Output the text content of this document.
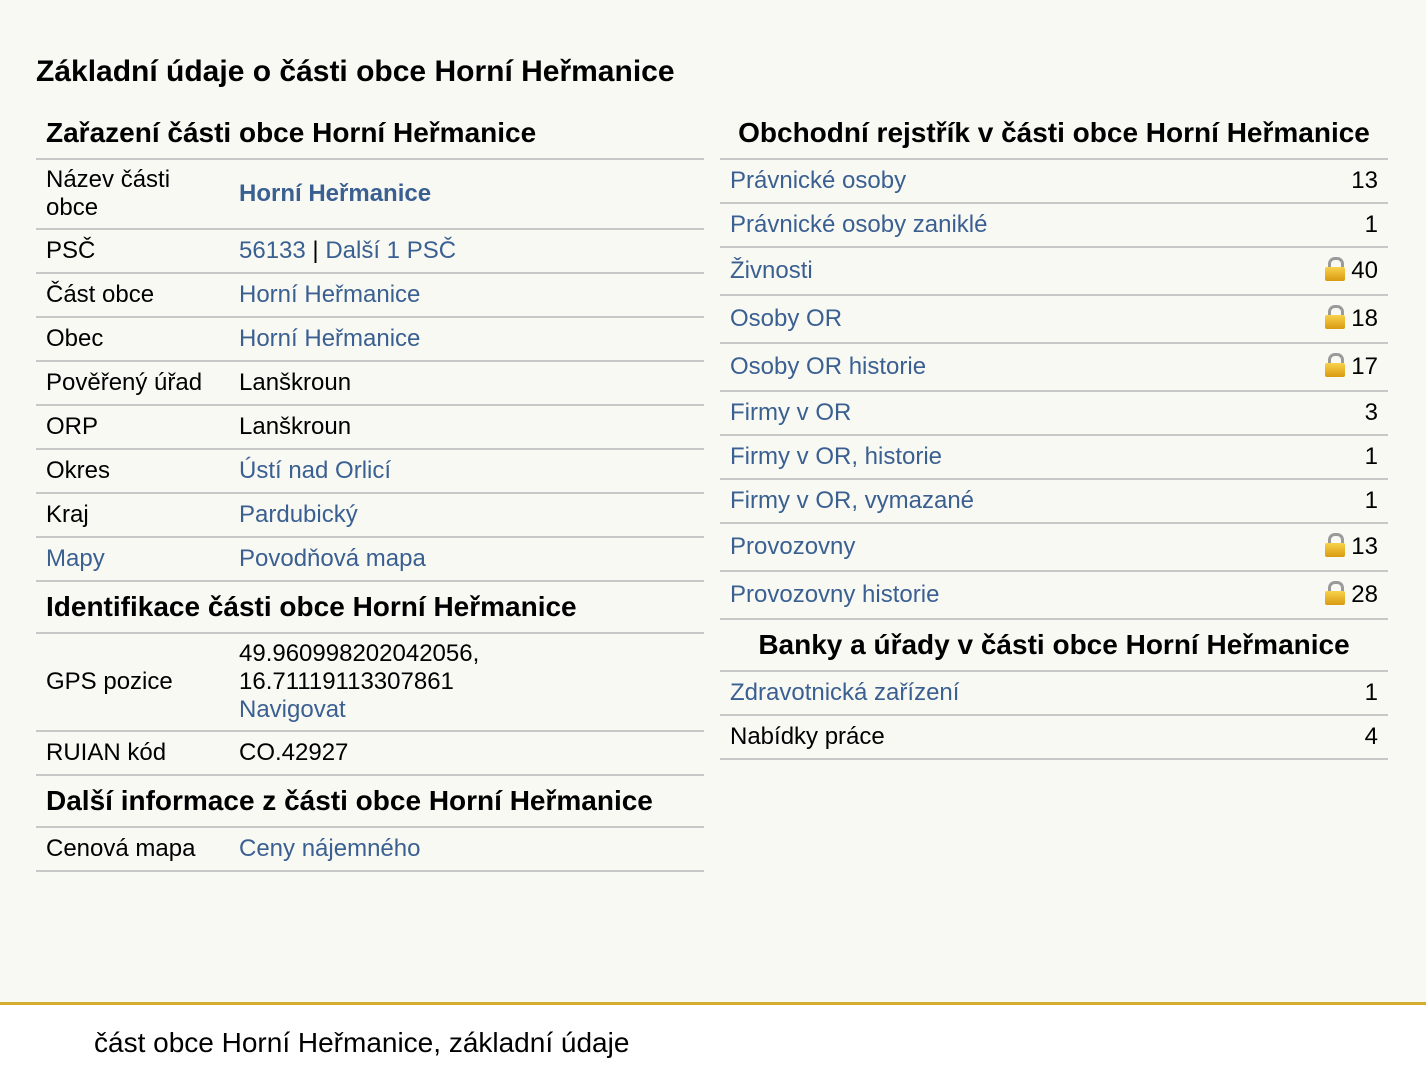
Základní údaje o části obce Horní Heřmanice
Zařazení části obce Horní Heřmanice
Název části obce	Horní Heřmanice
PSČ	56133 | Další 1 PSČ
Část obce	Horní Heřmanice
Obec	Horní Heřmanice
Pověřený úřad	Lanškroun
ORP	Lanškroun
Okres	Ústí nad Orlicí
Kraj	Pardubický
Mapy	Povodňová mapa
Identifikace části obce Horní Heřmanice
GPS pozice	49.960998202042056,
16.71119113307861
Navigovat
RUIAN kód	CO.42927
Další informace z části obce Horní Heřmanice
Cenová mapa	Ceny nájemného
Obchodní rejstřík v části obce Horní Heřmanice
Právnické osoby	13
Právnické osoby zaniklé	1
Živnosti	40
Osoby OR	18
Osoby OR historie	17
Firmy v OR	3
Firmy v OR, historie	1
Firmy v OR, vymazané	1
Provozovny	13
Provozovny historie	28
Banky a úřady v části obce Horní Heřmanice
Zdravotnická zařízení	1
Nabídky práce	4
část obce Horní Heřmanice, základní údaje
